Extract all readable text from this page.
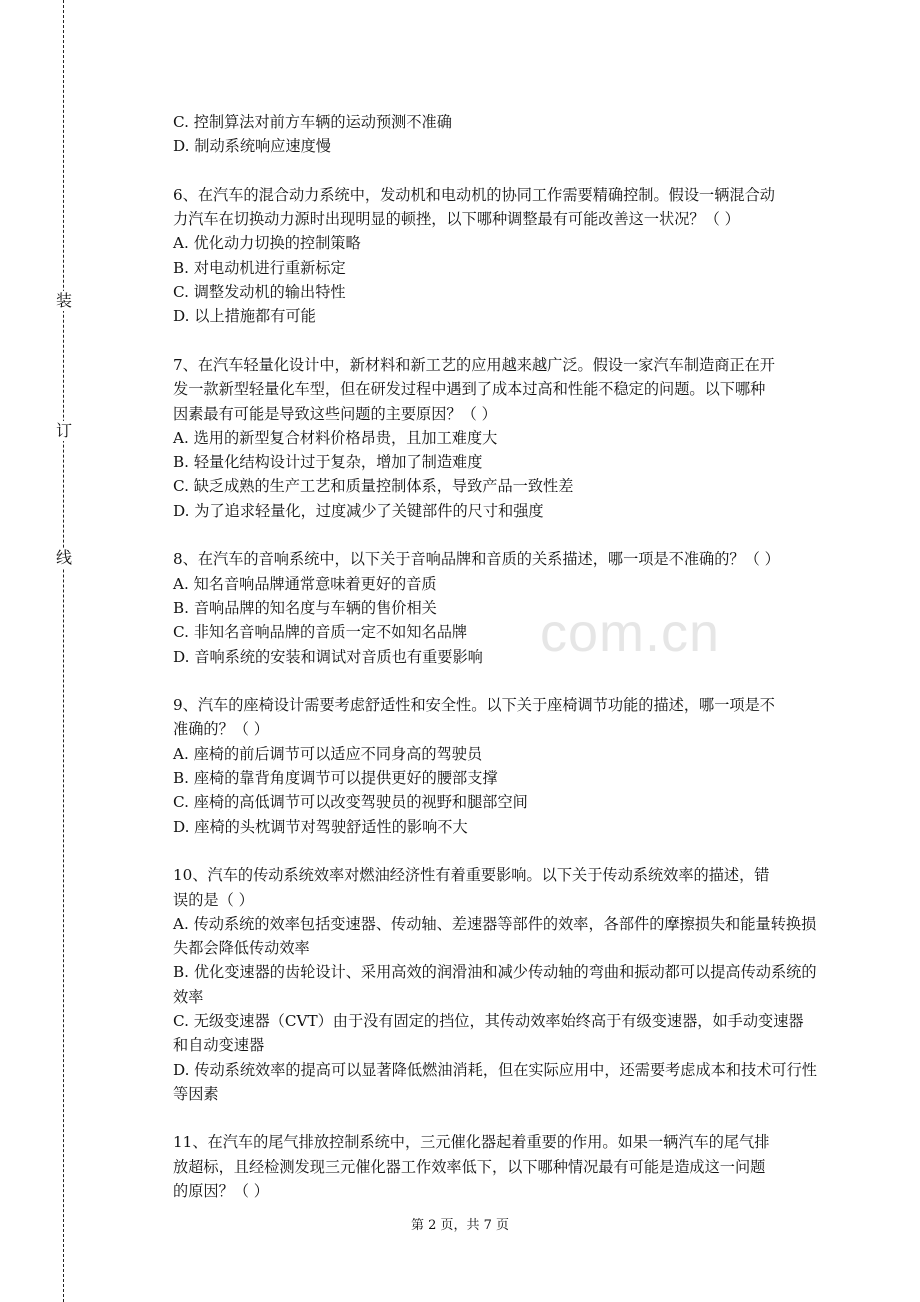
装
订
线
com.cn
C. 控制算法对前方车辆的运动预测不准确
D. 制动系统响应速度慢
6、在汽车的混合动力系统中，发动机和电动机的协同工作需要精确控制。假设一辆混合动
力汽车在切换动力源时出现明显的顿挫，以下哪种调整最有可能改善这一状况？（ ）
A. 优化动力切换的控制策略
B. 对电动机进行重新标定
C. 调整发动机的输出特性
D. 以上措施都有可能
7、在汽车轻量化设计中，新材料和新工艺的应用越来越广泛。假设一家汽车制造商正在开
发一款新型轻量化车型，但在研发过程中遇到了成本过高和性能不稳定的问题。以下哪种
因素最有可能是导致这些问题的主要原因？（ ）
A. 选用的新型复合材料价格昂贵，且加工难度大
B. 轻量化结构设计过于复杂，增加了制造难度
C. 缺乏成熟的生产工艺和质量控制体系，导致产品一致性差
D. 为了追求轻量化，过度减少了关键部件的尺寸和强度
8、在汽车的音响系统中，以下关于音响品牌和音质的关系描述，哪一项是不准确的？（ ）
A. 知名音响品牌通常意味着更好的音质
B. 音响品牌的知名度与车辆的售价相关
C. 非知名音响品牌的音质一定不如知名品牌
D. 音响系统的安装和调试对音质也有重要影响
9、汽车的座椅设计需要考虑舒适性和安全性。以下关于座椅调节功能的描述，哪一项是不
准确的？（ ）
A. 座椅的前后调节可以适应不同身高的驾驶员
B. 座椅的靠背角度调节可以提供更好的腰部支撑
C. 座椅的高低调节可以改变驾驶员的视野和腿部空间
D. 座椅的头枕调节对驾驶舒适性的影响不大
10、汽车的传动系统效率对燃油经济性有着重要影响。以下关于传动系统效率的描述，错
误的是（ ）
A. 传动系统的效率包括变速器、传动轴、差速器等部件的效率，各部件的摩擦损失和能量转换损失都会降低传动效率
B. 优化变速器的齿轮设计、采用高效的润滑油和减少传动轴的弯曲和振动都可以提高传动系统的效率
C. 无级变速器（CVT）由于没有固定的挡位，其传动效率始终高于有级变速器，如手动变速器和自动变速器
D. 传动系统效率的提高可以显著降低燃油消耗，但在实际应用中，还需要考虑成本和技术可行性等因素
11、在汽车的尾气排放控制系统中，三元催化器起着重要的作用。如果一辆汽车的尾气排
放超标，且经检测发现三元催化器工作效率低下，以下哪种情况最有可能是造成这一问题
的原因？（ ）
第 2 页，共 7 页
